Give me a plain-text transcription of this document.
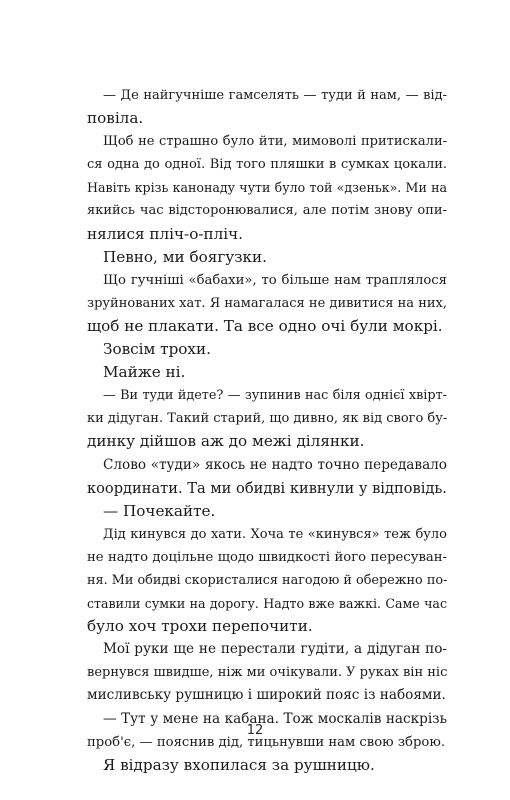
— Де найгучніше гамселять — туди й нам, — від-
повіла.
Щоб не страшно було йти, мимоволі притискали-
ся одна до одної. Від того пляшки в сумках цокали.
Навіть крізь канонаду чути було той «дзеньк». Ми на
якийсь час відсторонювалися, але потім знову опи-
нялися пліч-о-пліч.
Певно, ми боягузки.
Що гучніші «бабахи», то більше нам траплялося
зруйнованих хат. Я намагалася не дивитися на них,
щоб не плакати. Та все одно очі були мокрі.
Зовсім трохи.
Майже ні.
— Ви туди йдете? — зупинив нас біля однієї хвірт-
ки дідуган. Такий старий, що дивно, як від свого бу-
динку дійшов аж до межі ділянки.
Слово «туди» якось не надто точно передавало
координати. Та ми обидві кивнули у відповідь.
— Почекайте.
Дід кинувся до хати. Хоча те «кинувся» теж було
не надто доцільне щодо швидкості його пересуван-
ня. Ми обидві скористалися нагодою й обережно по-
ставили сумки на дорогу. Надто вже важкі. Саме час
було хоч трохи перепочити.
Мої руки ще не перестали гудіти, а дідуган по-
вернувся швидше, ніж ми очікували. У руках він ніс
мисливську рушницю і широкий пояс із набоями.
— Тут у мене на кабана. Тож москалів наскрізь
проб'є, — пояснив дід, тицьнувши нам свою зброю.
Я відразу вхопилася за рушницю.
12
